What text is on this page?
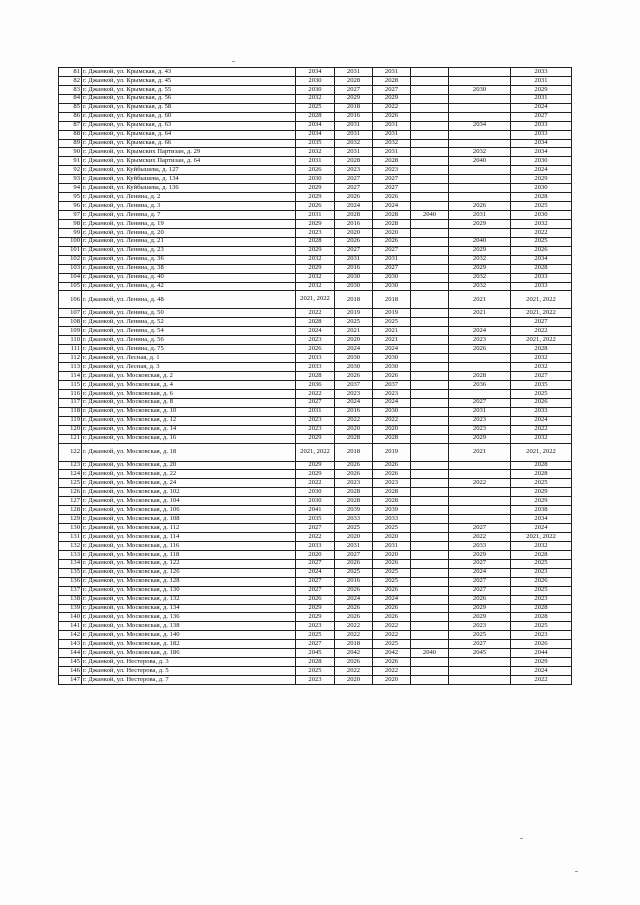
81	г. Джанкой, ул. Крымская, д. 43	2034	2031	2031			2033
82	г. Джанкой, ул. Крымская, д. 45	2030	2028	2028			2031
83	г. Джанкой, ул. Крымская, д. 55	2030	2027	2027		2030	2029
84	г. Джанкой, ул. Крымская, д. 56	2032	2029	2029			2031
85	г. Джанкой, ул. Крымская, д. 58	2025	2018	2022			2024
86	г. Джанкой, ул. Крымская, д. 60	2028	2016	2026			2027
87	г. Джанкой, ул. Крымская, д. 63	2034	2031	2031		2034	2033
88	г. Джанкой, ул. Крымская, д. 64	2034	2031	2031			2033
89	г. Джанкой, ул. Крымская, д. 66	2035	2032	2032			2034
90	г. Джанкой, ул. Крымских Партизан, д. 29	2032	2031	2031		2032	2034
91	г. Джанкой, ул. Крымских Партизан, д. 64	2031	2028	2028		2040	2030
92	г. Джанкой, ул. Куйбышева, д. 127	2026	2023	2023			2024
93	г. Джанкой, ул. Куйбышева, д. 134	2030	2027	2027			2029
94	г. Джанкой, ул. Куйбышева, д. 136	2029	2027	2027			2030
95	г. Джанкой, ул. Ленина, д. 2	2029	2026	2026			2028
96	г. Джанкой, ул. Ленина, д. 3	2026	2024	2024		2026	2025
97	г. Джанкой, ул. Ленина, д. 7	2031	2028	2028	2040	2031	2030
98	г. Джанкой, ул. Ленина, д. 19	2029	2016	2028		2029	2032
99	г. Джанкой, ул. Ленина, д. 20	2023	2020	2020			2022
100	г. Джанкой, ул. Ленина, д. 21	2028	2026	2026		2040	2025
101	г. Джанкой, ул. Ленина, д. 23	2029	2027	2027		2029	2026
102	г. Джанкой, ул. Ленина, д. 36	2032	2031	2031		2032	2034
103	г. Джанкой, ул. Ленина, д. 38	2029	2016	2027		2029	2028
104	г. Джанкой, ул. Ленина, д. 40	2032	2030	2030		2032	2033
105	г. Джанкой, ул. Ленина, д. 42	2032	2030	2030		2032	2033
106	г. Джанкой, ул. Ленина, д. 48	2021, 2022	2018	2018		2021	2021, 2022
107	г. Джанкой, ул. Ленина, д. 50	2022	2019	2019		2021	2021, 2022
108	г. Джанкой, ул. Ленина, д. 52	2028	2025	2025			2027
109	г. Джанкой, ул. Ленина, д. 54	2024	2021	2021		2024	2022
110	г. Джанкой, ул. Ленина, д. 56	2023	2020	2021		2023	2021, 2022
111	г. Джанкой, ул. Ленина, д. 75	2026	2024	2024		2026	2028
112	г. Джанкой, ул. Лесная, д. 1	2033	2030	2030			2032
113	г. Джанкой, ул. Лесная, д. 3	2033	2030	2030			2032
114	г. Джанкой, ул. Московская, д. 2	2028	2026	2026		2028	2027
115	г. Джанкой, ул. Московская, д. 4	2036	2037	2037		2036	2035
116	г. Джанкой, ул. Московская, д. 6	2022	2023	2023			2025
117	г. Джанкой, ул. Московская, д. 8	2027	2024	2024		2027	2026
118	г. Джанкой, ул. Московская, д. 10	2031	2016	2030		2031	2033
119	г. Джанкой, ул. Московская, д. 12	2023	2022	2022		2023	2024
120	г. Джанкой, ул. Московская, д. 14	2023	2020	2020		2023	2022
121	г. Джанкой, ул. Московская, д. 16	2029	2028	2028		2029	2032
122	г. Джанкой, ул. Московская, д. 18	2021, 2022	2018	2019		2021	2021, 2022
123	г. Джанкой, ул. Московская, д. 20	2029	2026	2026			2028
124	г. Джанкой, ул. Московская, д. 22	2029	2026	2026			2028
125	г. Джанкой, ул. Московская, д. 24	2022	2023	2023		2022	2025
126	г. Джанкой, ул. Московская, д. 102	2030	2028	2028			2029
127	г. Джанкой, ул. Московская, д. 104	2030	2028	2028			2029
128	г. Джанкой, ул. Московская, д. 106	2041	2039	2039			2038
129	г. Джанкой, ул. Московская, д. 108	2035	2033	2033			2034
130	г. Джанкой, ул. Московская, д. 112	2027	2025	2025		2027	2024
131	г. Джанкой, ул. Московская, д. 114	2022	2020	2020		2022	2021, 2022
132	г. Джанкой, ул. Московская, д. 116	2033	2031	2031		2033	2032
133	г. Джанкой, ул. Московская, д. 118	2020	2027	2020		2029	2028
134	г. Джанкой, ул. Московская, д. 122	2027	2026	2026		2027	2025
135	г. Джанкой, ул. Московская, д. 126	2024	2025	2025		2024	2023
136	г. Джанкой, ул. Московская, д. 128	2027	2016	2025		2027	2026
137	г. Джанкой, ул. Московская, д. 130	2027	2026	2026		2027	2025
138	г. Джанкой, ул. Московская, д. 132	2026	2024	2024		2026	2023
139	г. Джанкой, ул. Московская, д. 134	2029	2026	2026		2029	2028
140	г. Джанкой, ул. Московская, д. 136	2029	2026	2026		2029	2028
141	г. Джанкой, ул. Московская, д. 138	2023	2022	2022		2023	2025
142	г. Джанкой, ул. Московская, д. 140	2025	2022	2022		2025	2023
143	г. Джанкой, ул. Московская, д. 182	2027	2018	2025		2027	2026
144	г. Джанкой, ул. Московская, д. 186	2045	2042	2042	2040	2045	2044
145	г. Джанкой, ул. Нестерова, д. 3	2028	2026	2026			2029
146	г. Джанкой, ул. Нестерова, д. 5	2025	2022	2022			2024
147	г. Джанкой, ул. Нестерова, д. 7	2023	2020	2020			2022
